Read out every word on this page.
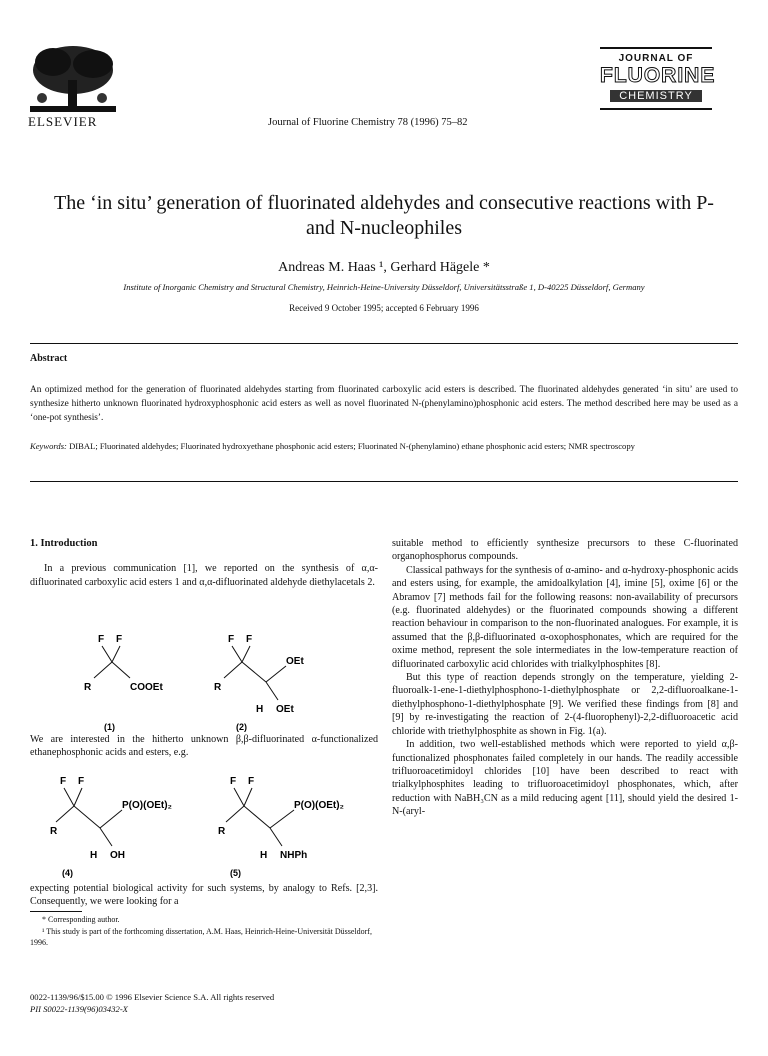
ELSEVIER	Journal of Fluorine Chemistry 78 (1996) 75–82
JOURNAL OF
FLUORINE
CHEMISTRY
The ‘in situ’ generation of fluorinated aldehydes and consecutive reactions with P- and N-nucleophiles
Andreas M. Haas ¹, Gerhard Hägele *
Institute of Inorganic Chemistry and Structural Chemistry, Heinrich-Heine-University Düsseldorf, Universitätsstraße 1, D-40225 Düsseldorf, Germany
Received 9 October 1995; accepted 6 February 1996
Abstract
An optimized method for the generation of fluorinated aldehydes starting from fluorinated carboxylic acid esters is described. The fluorinated aldehydes generated ‘in situ’ are used to synthesize hitherto unknown fluorinated hydroxyphosphonic acid esters as well as novel fluorinated N-(phenylamino)phosphonic acid esters. The method described here may be used as a ‘one-pot synthesis’.
Keywords: DIBAL; Fluorinated aldehydes; Fluorinated hydroxyethane phosphonic acid esters; Fluorinated N-(phenylamino) ethane phosphonic acid esters; NMR spectroscopy
1. Introduction

In a previous communication [1], we reported on the synthesis of α,α-difluorinated carboxylic acid esters 1 and α,α-difluorinated aldehyde diethylacetals 2.

F F
R	COOEt
(1)
F F
R
OEt
H OEt
(2)
We are interested in the hitherto unknown β,β-difluorinated α-functionalized ethanephosphonic acids and esters, e.g.
F F
R
P(O)(OEt)₂
H OH
(4)
F F
R
P(O)(OEt)₂
H NHPh
(5)
expecting potential biological activity for such systems, by analogy to Refs. [2,3]. Consequently, we were looking for a
* Corresponding author.
¹ This study is part of the forthcoming dissertation, A.M. Haas, Heinrich-Heine-Universität Düsseldorf, 1996.
0022-1139/96/$15.00 © 1996 Elsevier Science S.A. All rights reserved
PII S0022-1139(96)03432-X

suitable method to efficiently synthesize precursors to these C-fluorinated organophosphorus compounds.

Classical pathways for the synthesis of α-amino- and α-hydroxy-phosphonic acids and esters using, for example, the amidoalkylation [4], imine [5], oxime [6] or the Abramov [7] methods fail for the following reasons: non-availability of precursors (e.g. fluorinated aldehydes) or the fluorinated compounds showing a different reaction behaviour in comparison to the non-fluorinated analogues. For example, it is assumed that the β,β-difluorinated α-oxophosphonates, which are required for the oxime method, represent the sole intermediates in the low-temperature reaction of difluorinated carboxylic acid chlorides with trialkylphosphites [8].

But this type of reaction depends strongly on the temperature, yielding 2-fluoroalk-1-ene-1-diethylphosphono-1-diethylphosphate or 2,2-difluoroalkane-1-diethylphosphono-1-diethylphosphate [9]. We verified these findings from [8] and [9] by re-investigating the reaction of 2-(4-fluorophenyl)-2,2-difluoroacetic acid chloride with triethylphosphite as shown in Fig. 1(a).

In addition, two well-established methods which were reported to yield α,β-functionalized phosphonates failed completely in our hands. The readily accessible trifluoroacetimidoyl chlorides [10] have been described to react with trialkylphosphites leading to trifluoroacetimidoyl phosphonates, which, after reduction with NaBH₃CN as a mild reducing agent [11], should yield the desired 1-N-(aryl-
